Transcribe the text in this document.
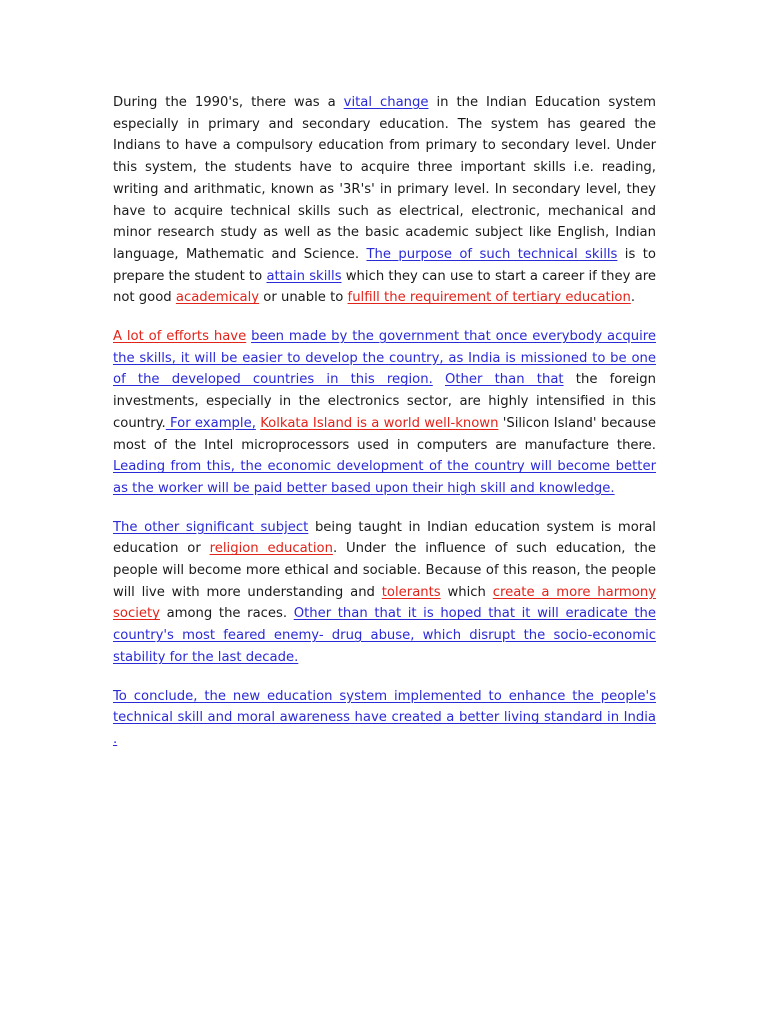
During the 1990's, there was a vital change in the Indian Education system especially in primary and secondary education. The system has geared the Indians to have a compulsory education from primary to secondary level. Under this system, the students have to acquire three important skills i.e. reading, writing and arithmatic, known as '3R's' in primary level. In secondary level, they have to acquire technical skills such as electrical, electronic, mechanical and minor research study as well as the basic academic subject like English, Indian language, Mathematic and Science. The purpose of such technical skills is to prepare the student to attain skills which they can use to start a career if they are not good academicaly or unable to fulfill the requirement of tertiary education.

A lot of efforts have been made by the government that once everybody acquire the skills, it will be easier to develop the country, as India is missioned to be one of the developed countries in this region. Other than that the foreign investments, especially in the electronics sector, are highly intensified in this country. For example, Kolkata Island is a world well-known 'Silicon Island' because most of the Intel microprocessors used in computers are manufacture there. Leading from this, the economic development of the country will become better as the worker will be paid better based upon their high skill and knowledge.

The other significant subject being taught in Indian education system is moral education or religion education. Under the influence of such education, the people will become more ethical and sociable. Because of this reason, the people will live with more understanding and tolerants which create a more harmony society among the races. Other than that it is hoped that it will eradicate the country's most feared enemy- drug abuse, which disrupt the socio-economic stability for the last decade.

To conclude, the new education system implemented to enhance the people's technical skill and moral awareness have created a better living standard in India .
